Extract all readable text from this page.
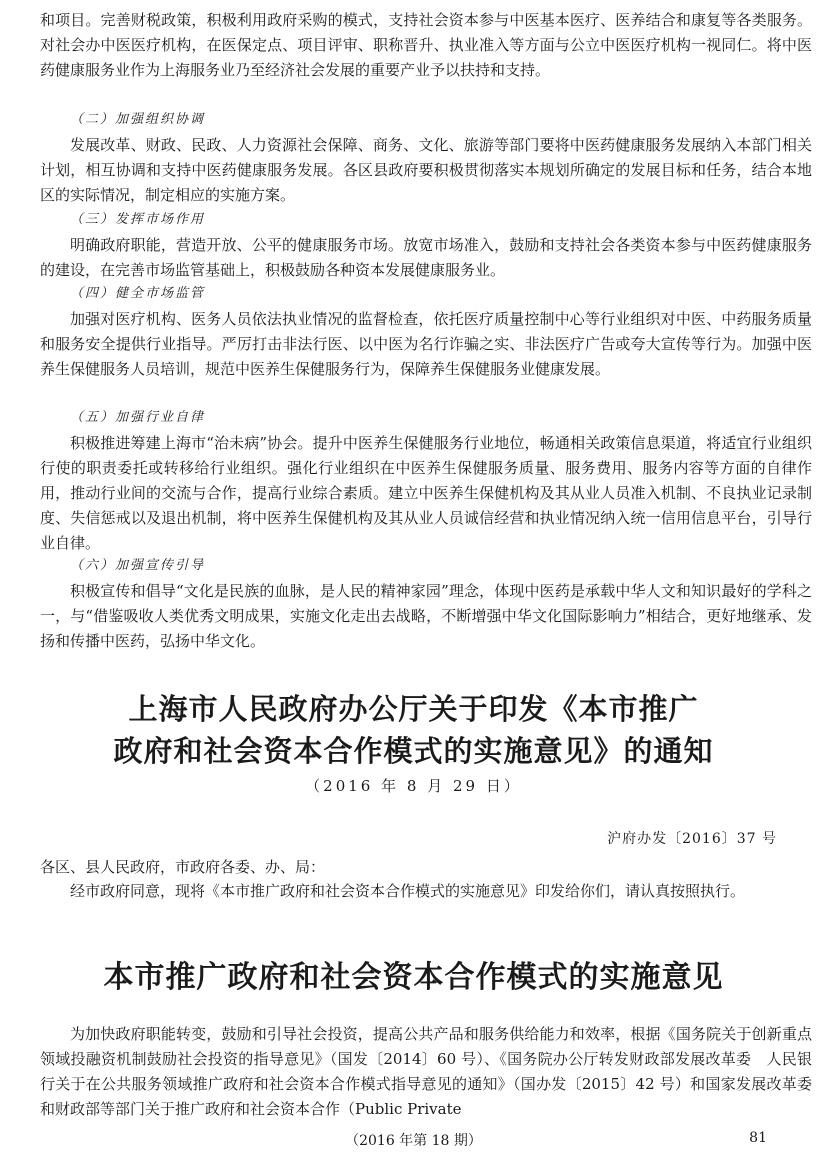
和项目。完善财税政策，积极利用政府采购的模式，支持社会资本参与中医基本医疗、医养结合和康复等各类服务。对社会办中医医疗机构，在医保定点、项目评审、职称晋升、执业准入等方面与公立中医医疗机构一视同仁。将中医药健康服务业作为上海服务业乃至经济社会发展的重要产业予以扶持和支持。

（二）加强组织协调

发展改革、财政、民政、人力资源社会保障、商务、文化、旅游等部门要将中医药健康服务发展纳入本部门相关计划，相互协调和支持中医药健康服务发展。各区县政府要积极贯彻落实本规划所确定的发展目标和任务，结合本地区的实际情况，制定相应的实施方案。

（三）发挥市场作用

明确政府职能，营造开放、公平的健康服务市场。放宽市场准入，鼓励和支持社会各类资本参与中医药健康服务的建设，在完善市场监管基础上，积极鼓励各种资本发展健康服务业。

（四）健全市场监管

加强对医疗机构、医务人员依法执业情况的监督检查，依托医疗质量控制中心等行业组织对中医、中药服务质量和服务安全提供行业指导。严厉打击非法行医、以中医为名行诈骗之实、非法医疗广告或夸大宣传等行为。加强中医养生保健服务人员培训，规范中医养生保健服务行为，保障养生保健服务业健康发展。

（五）加强行业自律

积极推进筹建上海市“治未病”协会。提升中医养生保健服务行业地位，畅通相关政策信息渠道，将适宜行业组织行使的职责委托或转移给行业组织。强化行业组织在中医养生保健服务质量、服务费用、服务内容等方面的自律作用，推动行业间的交流与合作，提高行业综合素质。建立中医养生保健机构及其从业人员准入机制、不良执业记录制度、失信惩戒以及退出机制，将中医养生保健机构及其从业人员诚信经营和执业情况纳入统一信用信息平台，引导行业自律。

（六）加强宣传引导

积极宣传和倡导“文化是民族的血脉，是人民的精神家园”理念，体现中医药是承载中华人文和知识最好的学科之一，与“借鉴吸收人类优秀文明成果，实施文化走出去战略，不断增强中华文化国际影响力”相结合，更好地继承、发扬和传播中医药，弘扬中华文化。

上海市人民政府办公厅关于印发《本市推广
政府和社会资本合作模式的实施意见》的通知
（2016 年 8 月 29 日）
沪府办发〔2016〕37 号

各区、县人民政府，市政府各委、办、局：

经市政府同意，现将《本市推广政府和社会资本合作模式的实施意见》印发给你们，请认真按照执行。

本市推广政府和社会资本合作模式的实施意见

为加快政府职能转变，鼓励和引导社会投资，提高公共产品和服务供给能力和效率，根据《国务院关于创新重点领域投融资机制鼓励社会投资的指导意见》（国发〔2014〕60 号）、《国务院办公厅转发财政部发展改革委　人民银行关于在公共服务领域推广政府和社会资本合作模式指导意见的通知》（国办发〔2015〕42 号）和国家发展改革委和财政部等部门关于推广政府和社会资本合作（Public Private

（2016 年第 18 期）	81
